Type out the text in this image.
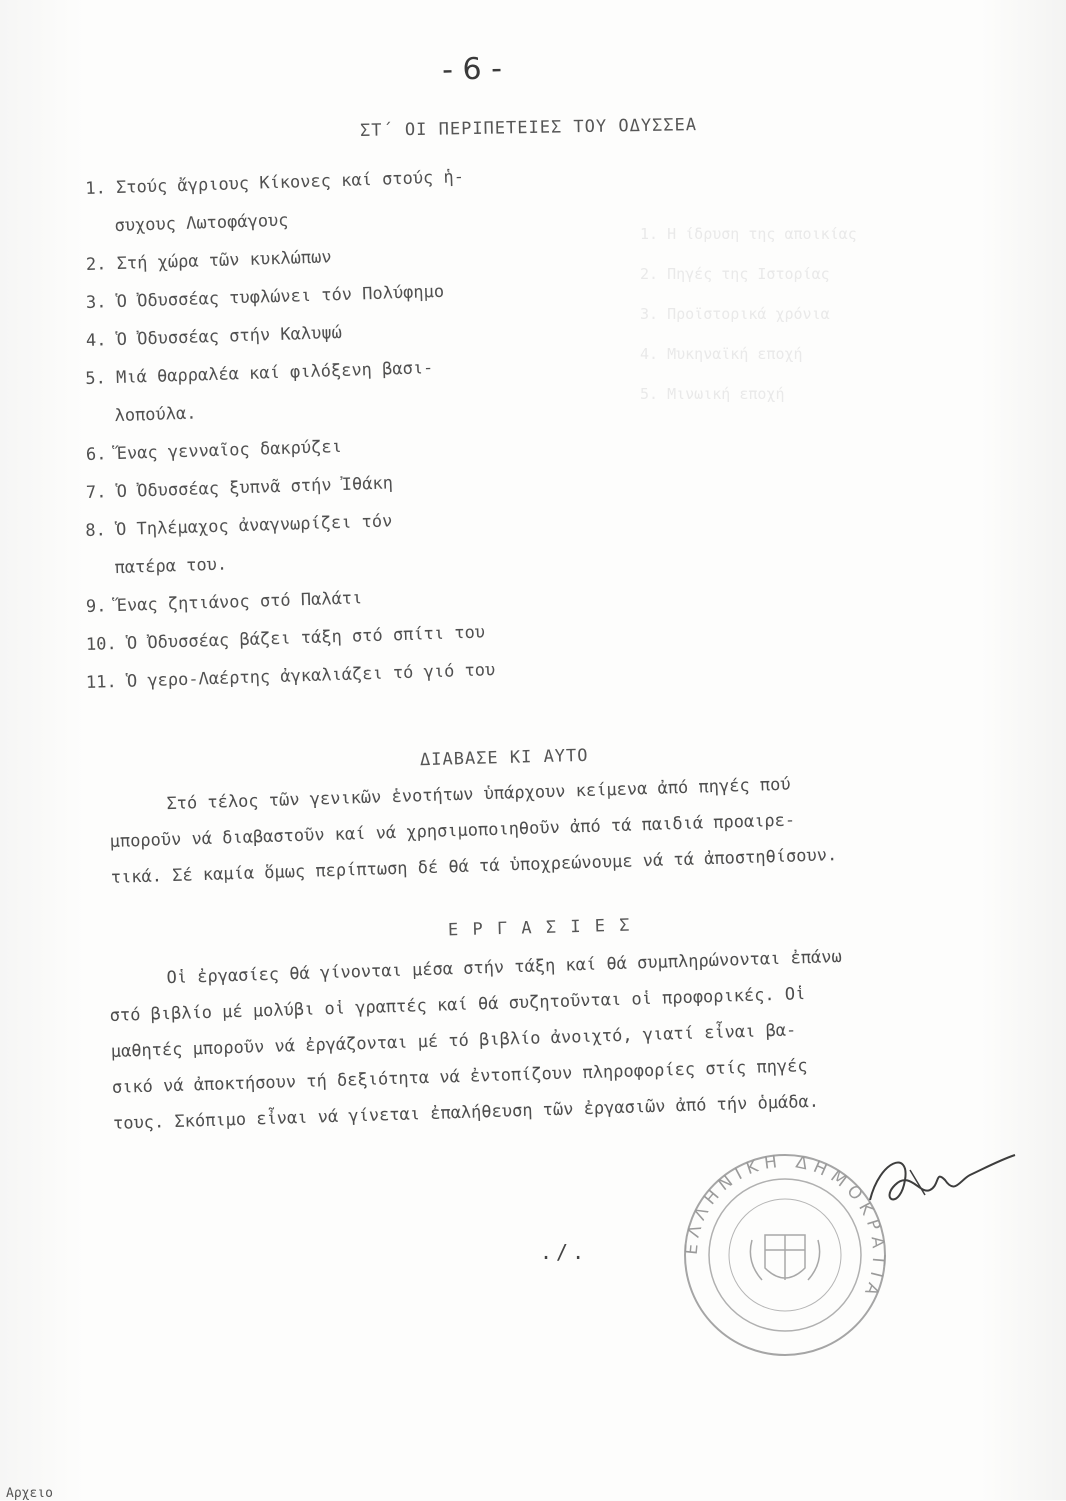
1. Η ίδρυση της αποικίας
2. Πηγές της Ιστορίας
3. Προϊστορικά χρόνια
4. Μυκηναϊκή εποχή
5. Μινωική εποχή
- 6 -
ΣΤ΄ ΟΙ ΠΕΡΙΠΕΤΕΙΕΣ ΤΟΥ ΟΔΥΣΣΕΑ
1. Στούς ἄγριους Κίκονες καί στούς ἡ-
συχους Λωτοφάγους
2. Στή χώρα τῶν κυκλώπων
3. Ὁ Ὀδυσσέας τυφλώνει τόν Πολύφημο
4. Ὁ Ὀδυσσέας στήν Καλυψώ
5. Μιά θαρραλέα καί φιλόξενη βασι-
λοπούλα.
6. Ἕνας γενναῖος δακρύζει
7. Ὁ Ὀδυσσέας ξυπνᾶ στήν Ἰθάκη
8. Ὁ Τηλέμαχος ἀναγνωρίζει τόν
πατέρα του.
9. Ἕνας ζητιάνος στό Παλάτι
10. Ὁ Ὀδυσσέας βάζει τάξη στό σπίτι του
11. Ὁ γερο-Λαέρτης ἀγκαλιάζει τό γιό του
ΔΙΑΒΑΣΕ ΚΙ ΑΥΤΟ
Στό τέλος τῶν γενικῶν ἑνοτήτων ὑπάρχουν κείμενα ἀπό πηγές πού
μποροῦν νά διαβαστοῦν καί νά χρησιμοποιηθοῦν ἀπό τά παιδιά προαιρε-
τικά. Σέ καμία ὅμως περίπτωση δέ θά τά ὑποχρεώνουμε νά τά ἀποστηθίσουν.
Ε Ρ Γ Α Σ Ι Ε Σ
Οἱ ἐργασίες θά γίνονται μέσα στήν τάξη καί θά συμπληρώνονται ἐπάνω
στό βιβλίο μέ μολύβι οἱ γραπτές καί θά συζητοῦνται οἱ προφορικές. Οἱ
μαθητές μποροῦν νά ἐργάζονται μέ τό βιβλίο ἀνοιχτό, γιατί εἶναι βα-
σικό νά ἀποκτήσουν τή δεξιότητα νά ἐντοπίζουν πληροφορίες στίς πηγές
τους. Σκόπιμο εἶναι νά γίνεται ἐπαλήθευση τῶν ἐργασιῶν ἀπό τήν ὁμάδα.
./.	ΕΛΛΗΝΙΚΗ ΔΗΜΟΚΡΑΤΙΑ
Αρχειο
